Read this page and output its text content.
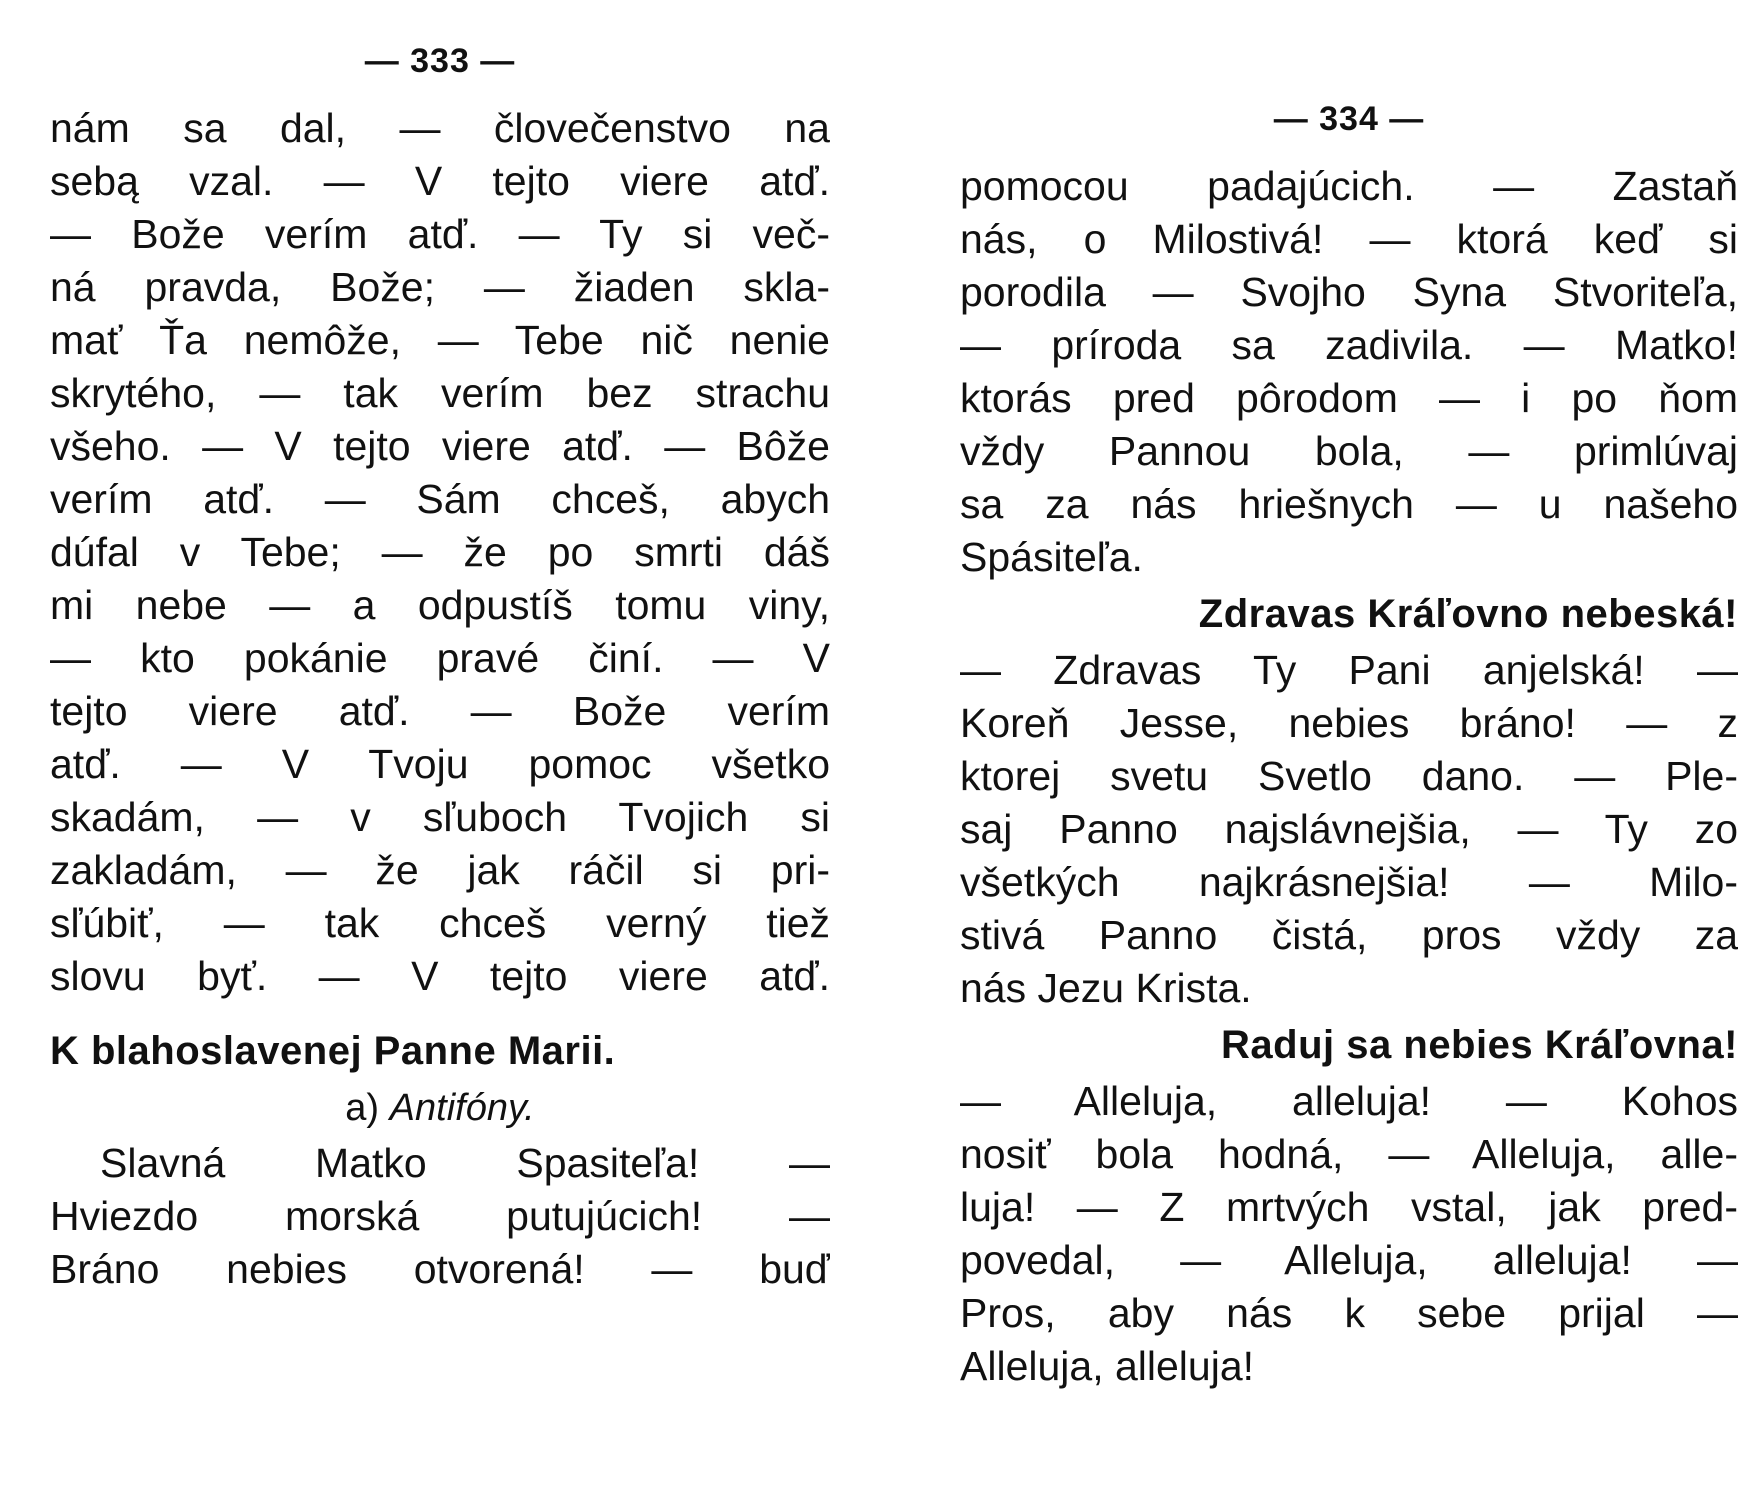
— 333 —
nám sa dal, — človečenstvo na
sebą vzal. — V tejto viere atď.
— Bože verím atď. — Ty si več-
ná pravda, Bože; — žiaden skla-
mať Ťa nemôže, — Tebe nič nenie
skrytého, — tak verím bez strachu
všeho. — V tejto viere atď. — Bôže
verím atď. — Sám chceš, abych
dúfal v Tebe; — že po smrti dáš
mi nebe — a odpustíš tomu viny,
— kto pokánie pravé činí. — V
tejto viere atď. — Bože verím
atď. — V Tvoju pomoc všetko
skadám, — v sľuboch Tvojich si
zakladám, — že jak ráčil si pri-
sľúbiť, — tak chceš verný tiež
slovu byť. — V tejto viere atď.
K blahoslavenej Panne Marii.
a) Antifóny.
Slavná Matko Spasiteľa! —
Hviezdo morská putujúcich! —
Bráno nebies otvorená! — buď
— 334 —
pomocou padajúcich. — Zastaň
nás, o Milostivá! — ktorá keď si
porodila — Svojho Syna Stvoriteľa,
— príroda sa zadivila. — Matko!
ktorás pred pôrodom — i po ňom
vždy Pannou bola, — primlúvaj
sa za nás hriešnych — u našeho
Spásiteľa.
Zdravas Kráľovno nebeská!
— Zdravas Ty Pani anjelská! —
Koreň Jesse, nebies bráno! — z
ktorej svetu Svetlo dano. — Ple-
saj Panno najslávnejšia, — Ty zo
všetkých najkrásnejšia! — Milo-
stivá Panno čistá, pros vždy za
nás Jezu Krista.
Raduj sa nebies Kráľovna!
— Alleluja, alleluja! — Kohos
nosiť bola hodná, — Alleluja, alle-
luja! — Z mrtvých vstal, jak pred-
povedal, — Alleluja, alleluja! —
Pros, aby nás k sebe prijal —
Alleluja, alleluja!
